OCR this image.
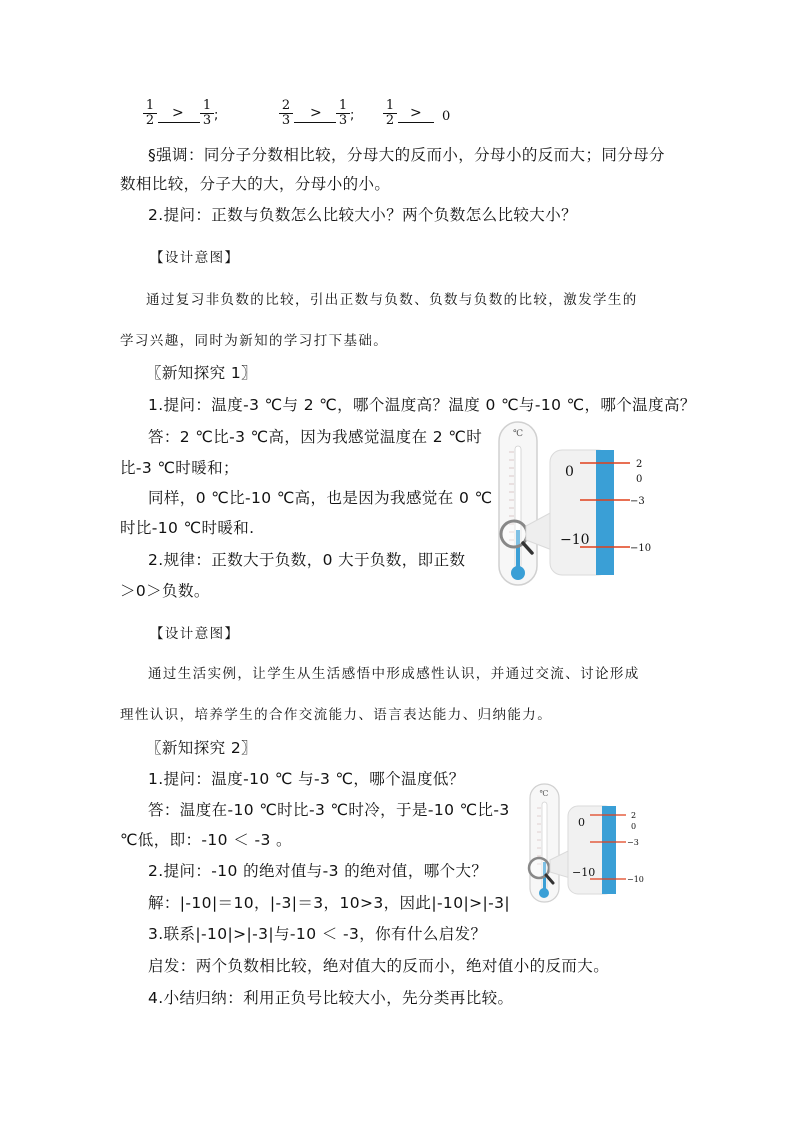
$\frac{1}{2} > \frac{1}{3}$ ;	$\frac{2}{3} > \frac{1}{3}$ ; $\frac{1}{2} > 0$
§强调：同分子分数相比较，分母大的反而小，分母小的反而大；同分母分
数相比较，分子大的大，分母小的小。
2.提问：正数与负数怎么比较大小？两个负数怎么比较大小？
【设计意图】
通过复习非负数的比较，引出正数与负数、负数与负数的比较，激发学生的
学习兴趣，同时为新知的学习打下基础。
〖新知探究 1〗
1.提问：温度-3 ℃与 2 ℃，哪个温度高？温度 0 ℃与-10 ℃，哪个温度高？
答：2 ℃比-3 ℃高，因为我感觉温度在 2 ℃时
比-3 ℃时暖和；
同样，0 ℃比-10 ℃高，也是因为我感觉在 0 ℃
时比-10 ℃时暖和.
2.规律：正数大于负数，0 大于负数，即正数
＞0＞负数。
℃
0
−10
2
0
−3
−10
【设计意图】
通过生活实例，让学生从生活感悟中形成感性认识，并通过交流、讨论形成
理性认识，培养学生的合作交流能力、语言表达能力、归纳能力。
〖新知探究 2〗
1.提问：温度-10 ℃ 与-3 ℃，哪个温度低？
答：温度在-10 ℃时比-3 ℃时冷，于是-10 ℃比-3
℃低，即：-10 ＜ -3 。
2.提问：-10 的绝对值与-3 的绝对值，哪个大？
解：|-10|＝10，|-3|＝3，10>3，因此|-10|>|-3|
3.联系|-10|>|-3|与-10 ＜ -3，你有什么启发？
启发：两个负数相比较，绝对值大的反而小，绝对值小的反而大。
4.小结归纳：利用正负号比较大小，先分类再比较。
℃
0
−10
2
0
−3
−10
